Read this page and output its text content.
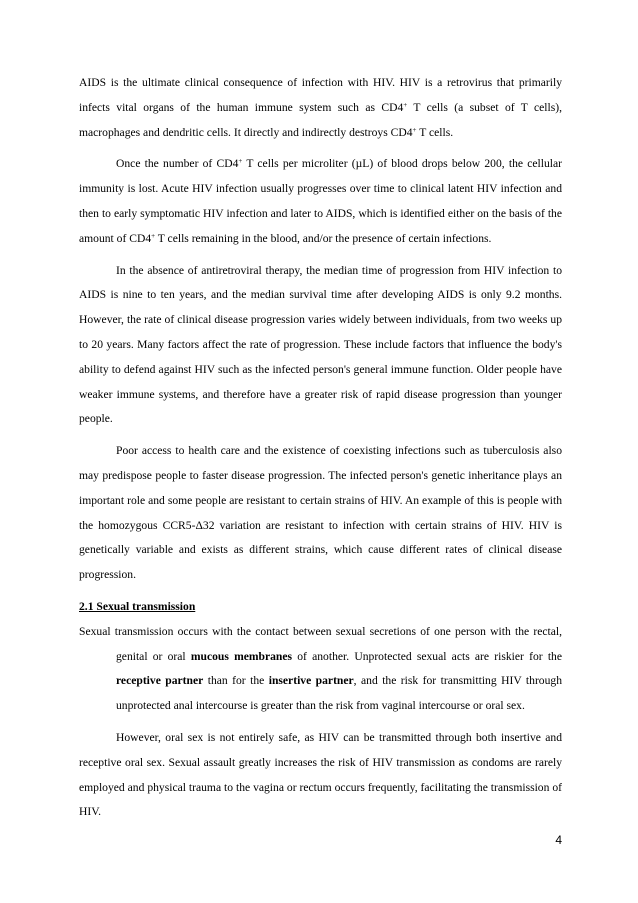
AIDS is the ultimate clinical consequence of infection with HIV. HIV is a retrovirus that primarily infects vital organs of the human immune system such as CD4+ T cells (a subset of T cells), macrophages and dendritic cells. It directly and indirectly destroys CD4+ T cells.

Once the number of CD4+ T cells per microliter (µL) of blood drops below 200, the cellular immunity is lost. Acute HIV infection usually progresses over time to clinical latent HIV infection and then to early symptomatic HIV infection and later to AIDS, which is identified either on the basis of the amount of CD4+ T cells remaining in the blood, and/or the presence of certain infections.

In the absence of antiretroviral therapy, the median time of progression from HIV infection to AIDS is nine to ten years, and the median survival time after developing AIDS is only 9.2 months. However, the rate of clinical disease progression varies widely between individuals, from two weeks up to 20 years. Many factors affect the rate of progression. These include factors that influence the body's ability to defend against HIV such as the infected person's general immune function. Older people have weaker immune systems, and therefore have a greater risk of rapid disease progression than younger people.

Poor access to health care and the existence of coexisting infections such as tuberculosis also may predispose people to faster disease progression. The infected person's genetic inheritance plays an important role and some people are resistant to certain strains of HIV. An example of this is people with the homozygous CCR5-Δ32 variation are resistant to infection with certain strains of HIV. HIV is genetically variable and exists as different strains, which cause different rates of clinical disease progression.

2.1 Sexual transmission

Sexual transmission occurs with the contact between sexual secretions of one person with the rectal, genital or oral mucous membranes of another. Unprotected sexual acts are riskier for the receptive partner than for the insertive partner, and the risk for transmitting HIV through unprotected anal intercourse is greater than the risk from vaginal intercourse or oral sex.

However, oral sex is not entirely safe, as HIV can be transmitted through both insertive and receptive oral sex. Sexual assault greatly increases the risk of HIV transmission as condoms are rarely employed and physical trauma to the vagina or rectum occurs frequently, facilitating the transmission of HIV.

4
